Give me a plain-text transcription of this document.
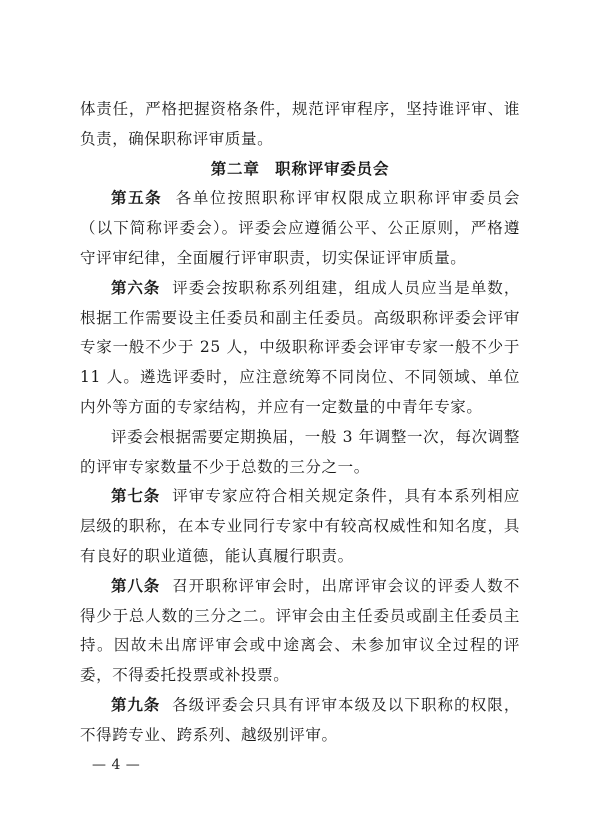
体责任，严格把握资格条件，规范评审程序，坚持谁评审、谁负责，确保职称评审质量。

第二章 职称评审委员会

第五条 各单位按照职称评审权限成立职称评审委员会（以下简称评委会）。评委会应遵循公平、公正原则，严格遵守评审纪律，全面履行评审职责，切实保证评审质量。

第六条 评委会按职称系列组建，组成人员应当是单数，根据工作需要设主任委员和副主任委员。高级职称评委会评审专家一般不少于 25 人，中级职称评委会评审专家一般不少于 11 人。遴选评委时，应注意统筹不同岗位、不同领域、单位内外等方面的专家结构，并应有一定数量的中青年专家。

评委会根据需要定期换届，一般 3 年调整一次，每次调整的评审专家数量不少于总数的三分之一。

第七条 评审专家应符合相关规定条件，具有本系列相应层级的职称，在本专业同行专家中有较高权威性和知名度，具有良好的职业道德，能认真履行职责。

第八条 召开职称评审会时，出席评审会议的评委人数不得少于总人数的三分之二。评审会由主任委员或副主任委员主持。因故未出席评审会或中途离会、未参加审议全过程的评委，不得委托投票或补投票。

第九条 各级评委会只具有评审本级及以下职称的权限，不得跨专业、跨系列、越级别评审。

— 4 —
